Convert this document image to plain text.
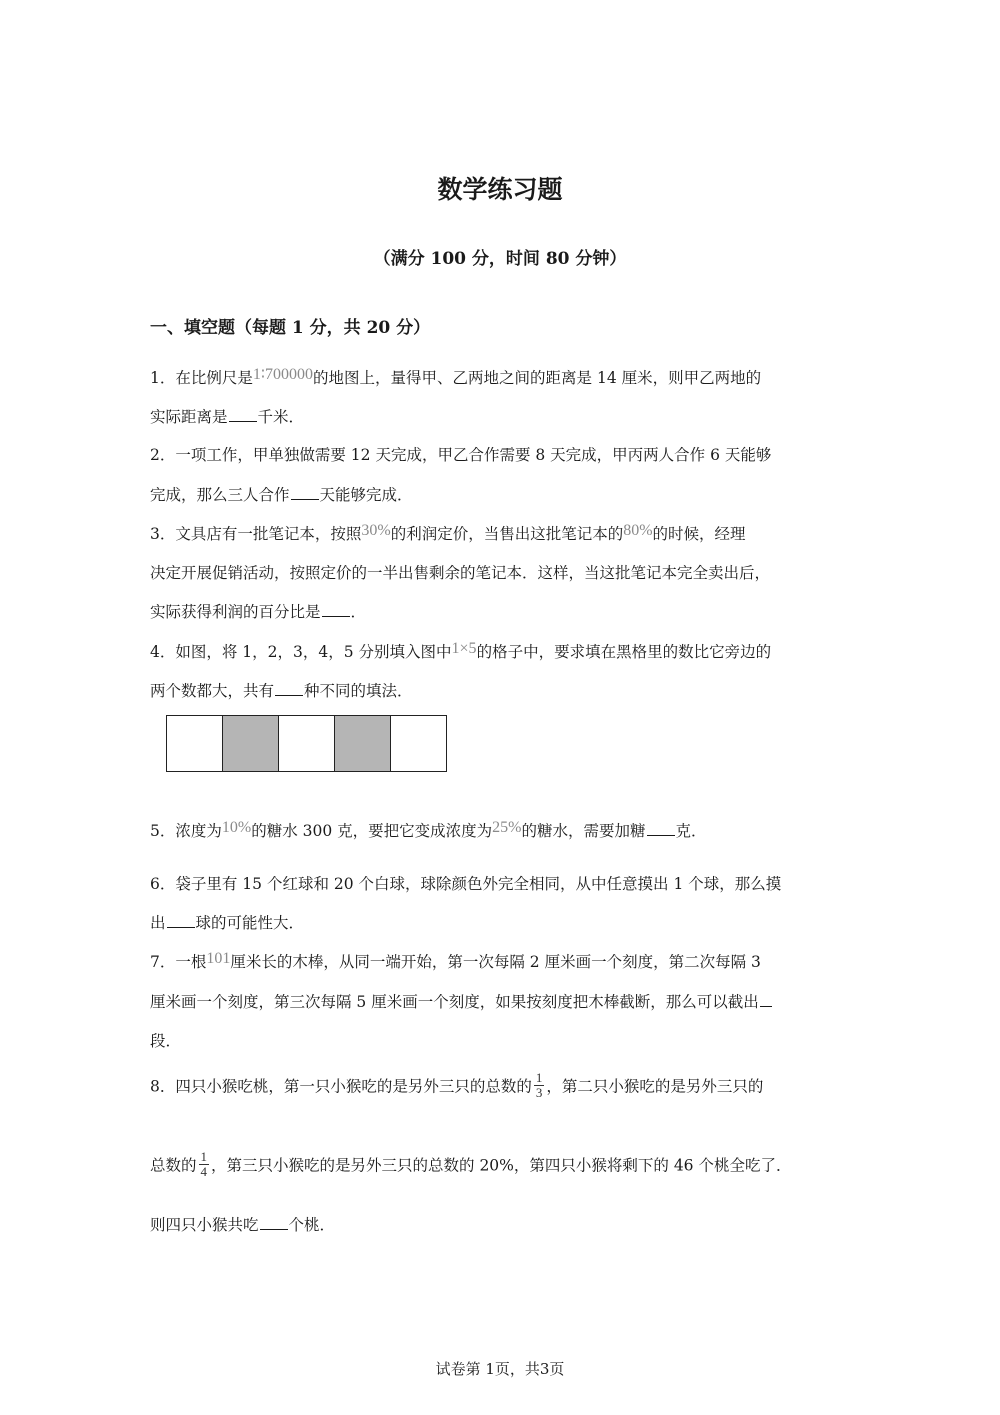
数学练习题
（满分 100 分，时间 80 分钟）
一、填空题（每题 1 分，共 20 分）
1．在比例尺是1∶700000的地图上，量得甲、乙两地之间的距离是 14 厘米，则甲乙两地的
实际距离是 千米．
2．一项工作，甲单独做需要 12 天完成，甲乙合作需要 8 天完成，甲丙两人合作 6 天能够
完成，那么三人合作 天能够完成．
3．文具店有一批笔记本，按照30%的利润定价，当售出这批笔记本的80%的时候，经理
决定开展促销活动，按照定价的一半出售剩余的笔记本．这样，当这批笔记本完全卖出后，
实际获得利润的百分比是 ．
4．如图，将 1，2，3，4，5 分别填入图中1×5的格子中，要求填在黑格里的数比它旁边的
两个数都大，共有 种不同的填法．
5．浓度为10%的糖水 300 克，要把它变成浓度为25%的糖水，需要加糖 克．
6．袋子里有 15 个红球和 20 个白球，球除颜色外完全相同，从中任意摸出 1 个球，那么摸
出 球的可能性大．
7．一根101厘米长的木棒，从同一端开始，第一次每隔 2 厘米画一个刻度，第二次每隔 3
厘米画一个刻度，第三次每隔 5 厘米画一个刻度，如果按刻度把木棒截断，那么可以截出
段．
8．四只小猴吃桃，第一只小猴吃的是另外三只的总数的 $\frac{1}{3}$ ，第二只小猴吃的是另外三只的
总数的 $\frac{1}{4}$ ，第三只小猴吃的是另外三只的总数的 20%，第四只小猴将剩下的 46 个桃全吃了．
则四只小猴共吃 个桃．
试卷第 1页，共3页
